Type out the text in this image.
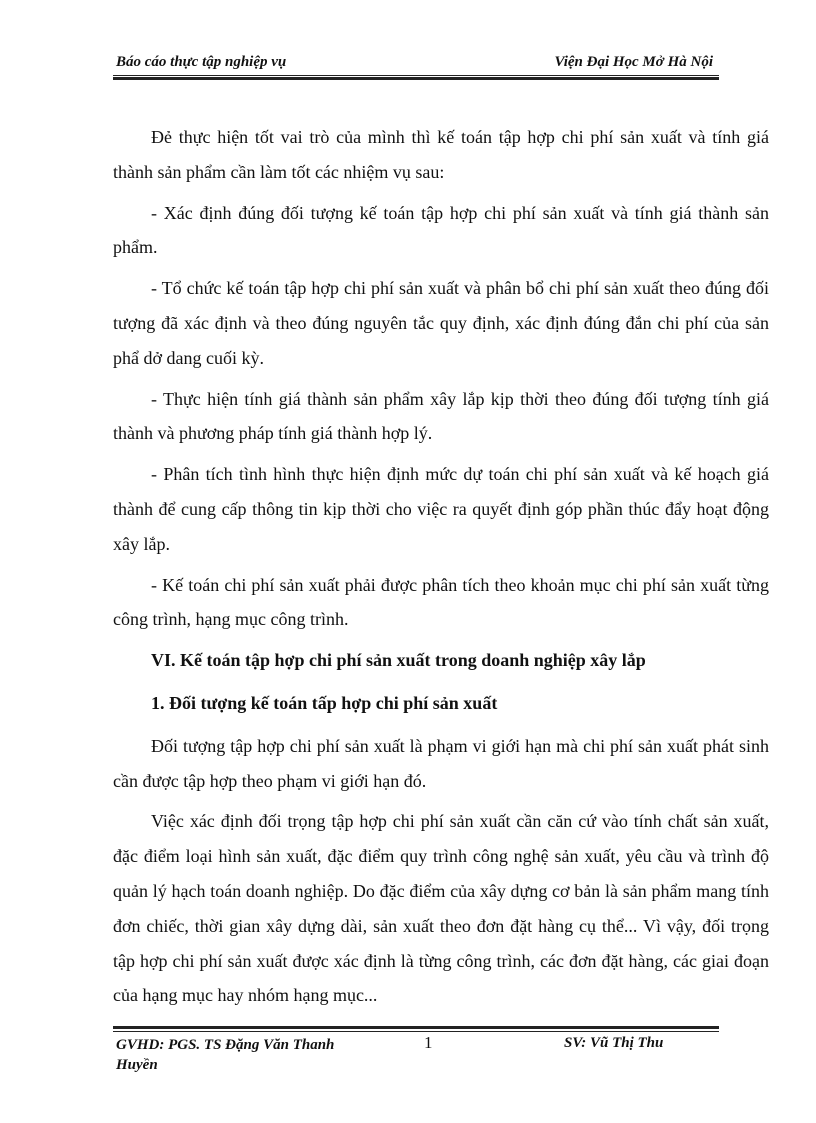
Báo cáo thực tập nghiệp vụ	Viện Đại Học Mở Hà Nội

Đẻ thực hiện tốt vai trò của mình thì kế toán tập hợp chi phí sản xuất và tính giá thành sản phẩm cần làm tốt các nhiệm vụ sau:

- Xác định đúng đối tượng kế toán tập hợp chi phí sản xuất và tính giá thành sản phẩm.

- Tổ chức kế toán tập hợp chi phí sản xuất và phân bổ chi phí sản xuất theo đúng đối tượng đã xác định và theo đúng nguyên tắc quy định, xác định đúng đắn chi phí của sản phẩ dở dang cuối kỳ.

- Thực hiện tính giá thành sản phẩm xây lắp kịp thời theo đúng đối tượng tính giá thành và phương pháp tính giá thành hợp lý.

- Phân tích tình hình thực hiện định mức dự toán chi phí sản xuất và kế hoạch giá thành để cung cấp thông tin kịp thời cho việc ra quyết định góp phần thúc đẩy hoạt động xây lắp.

- Kế toán chi phí sản xuất phải được phân tích theo khoản mục chi phí sản xuất từng công trình, hạng mục công trình.

VI. Kế toán tập hợp chi phí sản xuất trong doanh nghiệp xây lắp

1. Đối tượng kế toán tấp hợp chi phí sản xuất

Đối tượng tập hợp chi phí sản xuất là phạm vi giới hạn mà chi phí sản xuất phát sinh cần được tập hợp theo phạm vi giới hạn đó.

Việc xác định đối trọng tập hợp chi phí sản xuất cần căn cứ vào tính chất sản xuất, đặc điểm loại hình sản xuất, đặc điểm quy trình công nghệ sản xuất, yêu cầu và trình độ quản lý hạch toán doanh nghiệp. Do đặc điểm của xây dựng cơ bản là sản phẩm mang tính đơn chiếc, thời gian xây dựng dài, sản xuất theo đơn đặt hàng cụ thể... Vì vậy, đối trọng tập hợp chi phí sản xuất được xác định là từng công trình, các đơn đặt hàng, các giai đoạn của hạng mục hay nhóm hạng mục...

GVHD: PGS. TS Đặng Văn Thanh Huyền
1	SV: Vũ Thị Thu
